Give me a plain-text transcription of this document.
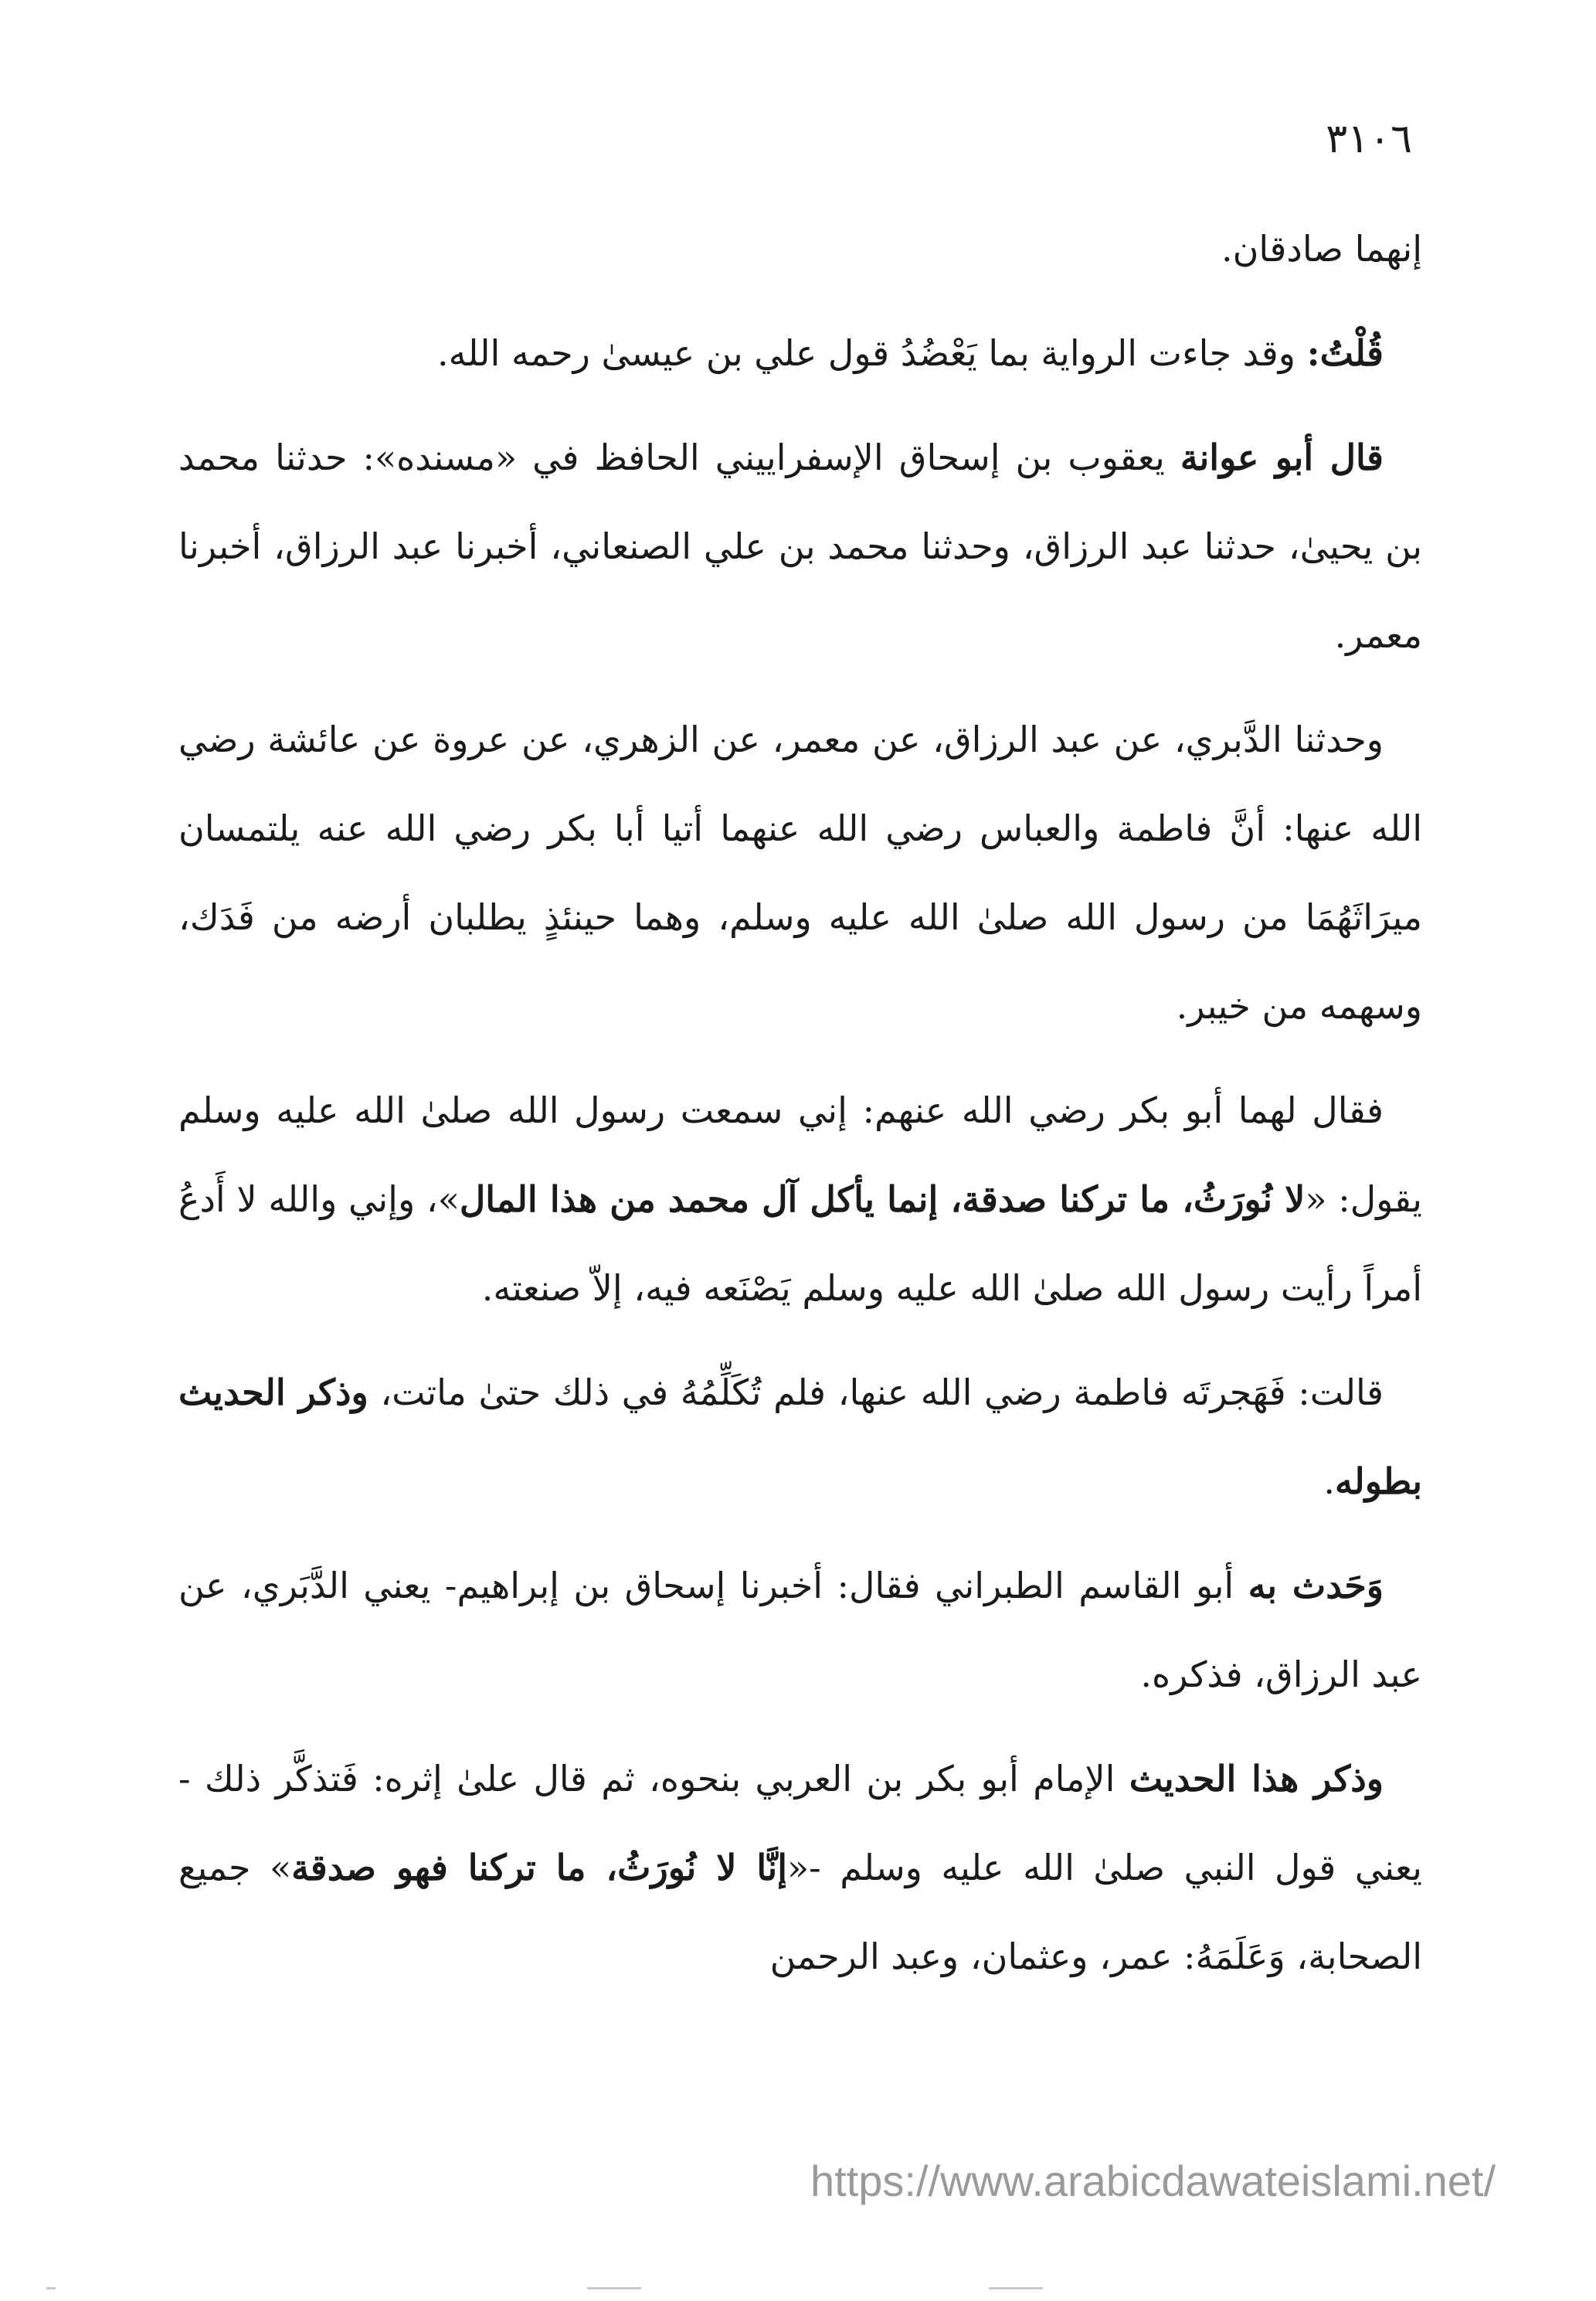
٣١٠٦

إنهما صادقان.

قُلْتُ: وقد جاءت الرواية بما يَعْضُدُ قول علي بن عيسىٰ رحمه الله.

قال أبو عوانة يعقوب بن إسحاق الإسفراييني الحافظ في «مسنده»: حدثنا محمد بن يحيىٰ، حدثنا عبد الرزاق، وحدثنا محمد بن علي الصنعاني، أخبرنا عبد الرزاق، أخبرنا معمر.

وحدثنا الدَّبري، عن عبد الرزاق، عن معمر، عن الزهري، عن عروة عن عائشة رضي الله عنها: أنَّ فاطمة والعباس رضي الله عنهما أتيا أبا بكر رضي الله عنه يلتمسان ميرَاثَهُمَا من رسول الله صلىٰ الله عليه وسلم، وهما حينئذٍ يطلبان أرضه من فَدَك، وسهمه من خيبر.

فقال لهما أبو بكر رضي الله عنهم: إني سمعت رسول الله صلىٰ الله عليه وسلم يقول: «لا نُورَثُ، ما تركنا صدقة، إنما يأكل آل محمد من هذا المال»، وإني والله لا أَدعُ أمراً رأيت رسول الله صلىٰ الله عليه وسلم يَصْنَعه فيه، إلاّ صنعته.

قالت: فَهَجرتَه فاطمة رضي الله عنها، فلم تُكَلِّمُهُ في ذلك حتىٰ ماتت، وذكر الحديث بطوله.

وَحَدث به أبو القاسم الطبراني فقال: أخبرنا إسحاق بن إبراهيم- يعني الدَّبَري، عن عبد الرزاق، فذكره.

وذكر هذا الحديث الإمام أبو بكر بن العربي بنحوه، ثم قال علىٰ إثره: فَتذكَّر ذلك - يعني قول النبي صلىٰ الله عليه وسلم -«إنَّا لا نُورَثُ، ما تركنا فهو صدقة» جميع الصحابة، وَعَلَمَهُ: عمر، وعثمان، وعبد الرحمن

https://www.arabicdawateislami.net/
